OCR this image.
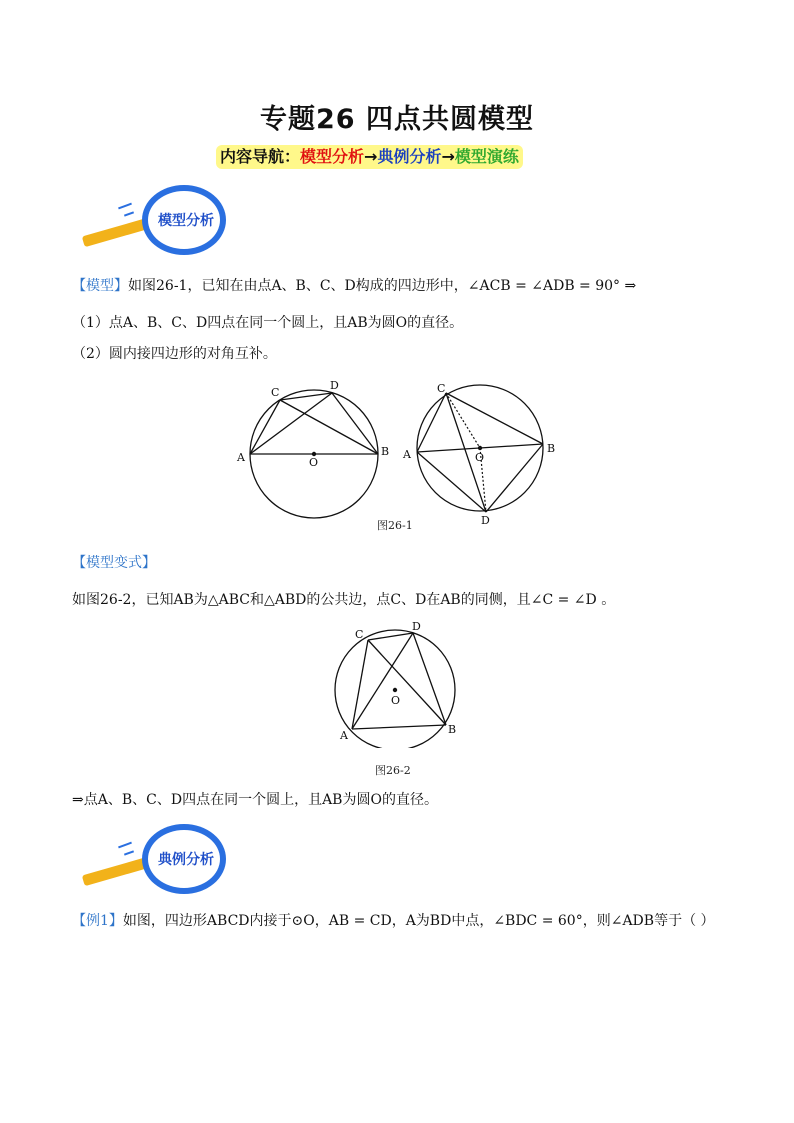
专题26 四点共圆模型
内容导航：模型分析→典例分析→模型演练
模型分析
【模型】如图26-1，已知在由点A、B、C、D构成的四边形中，∠ACB = ∠ADB = 90° ⇒
（1）点A、B、C、D四点在同一个圆上，且AB为圆O的直径。
（2）圆内接四边形的对角互补。
A	B
C
D
O
A	B
C
D
O
图26-1
【模型变式】
如图26-2，已知AB为△ABC和△ABD的公共边，点C、D在AB的同侧，且∠C = ∠D 。
A	B
C
D
O
图26-2
⇒点A、B、C、D四点在同一个圆上，且AB为圆O的直径。
典例分析
【例1】如图，四边形ABCD内接于⊙O，AB = CD，A为BD中点，∠BDC = 60°，则∠ADB等于（ ）
